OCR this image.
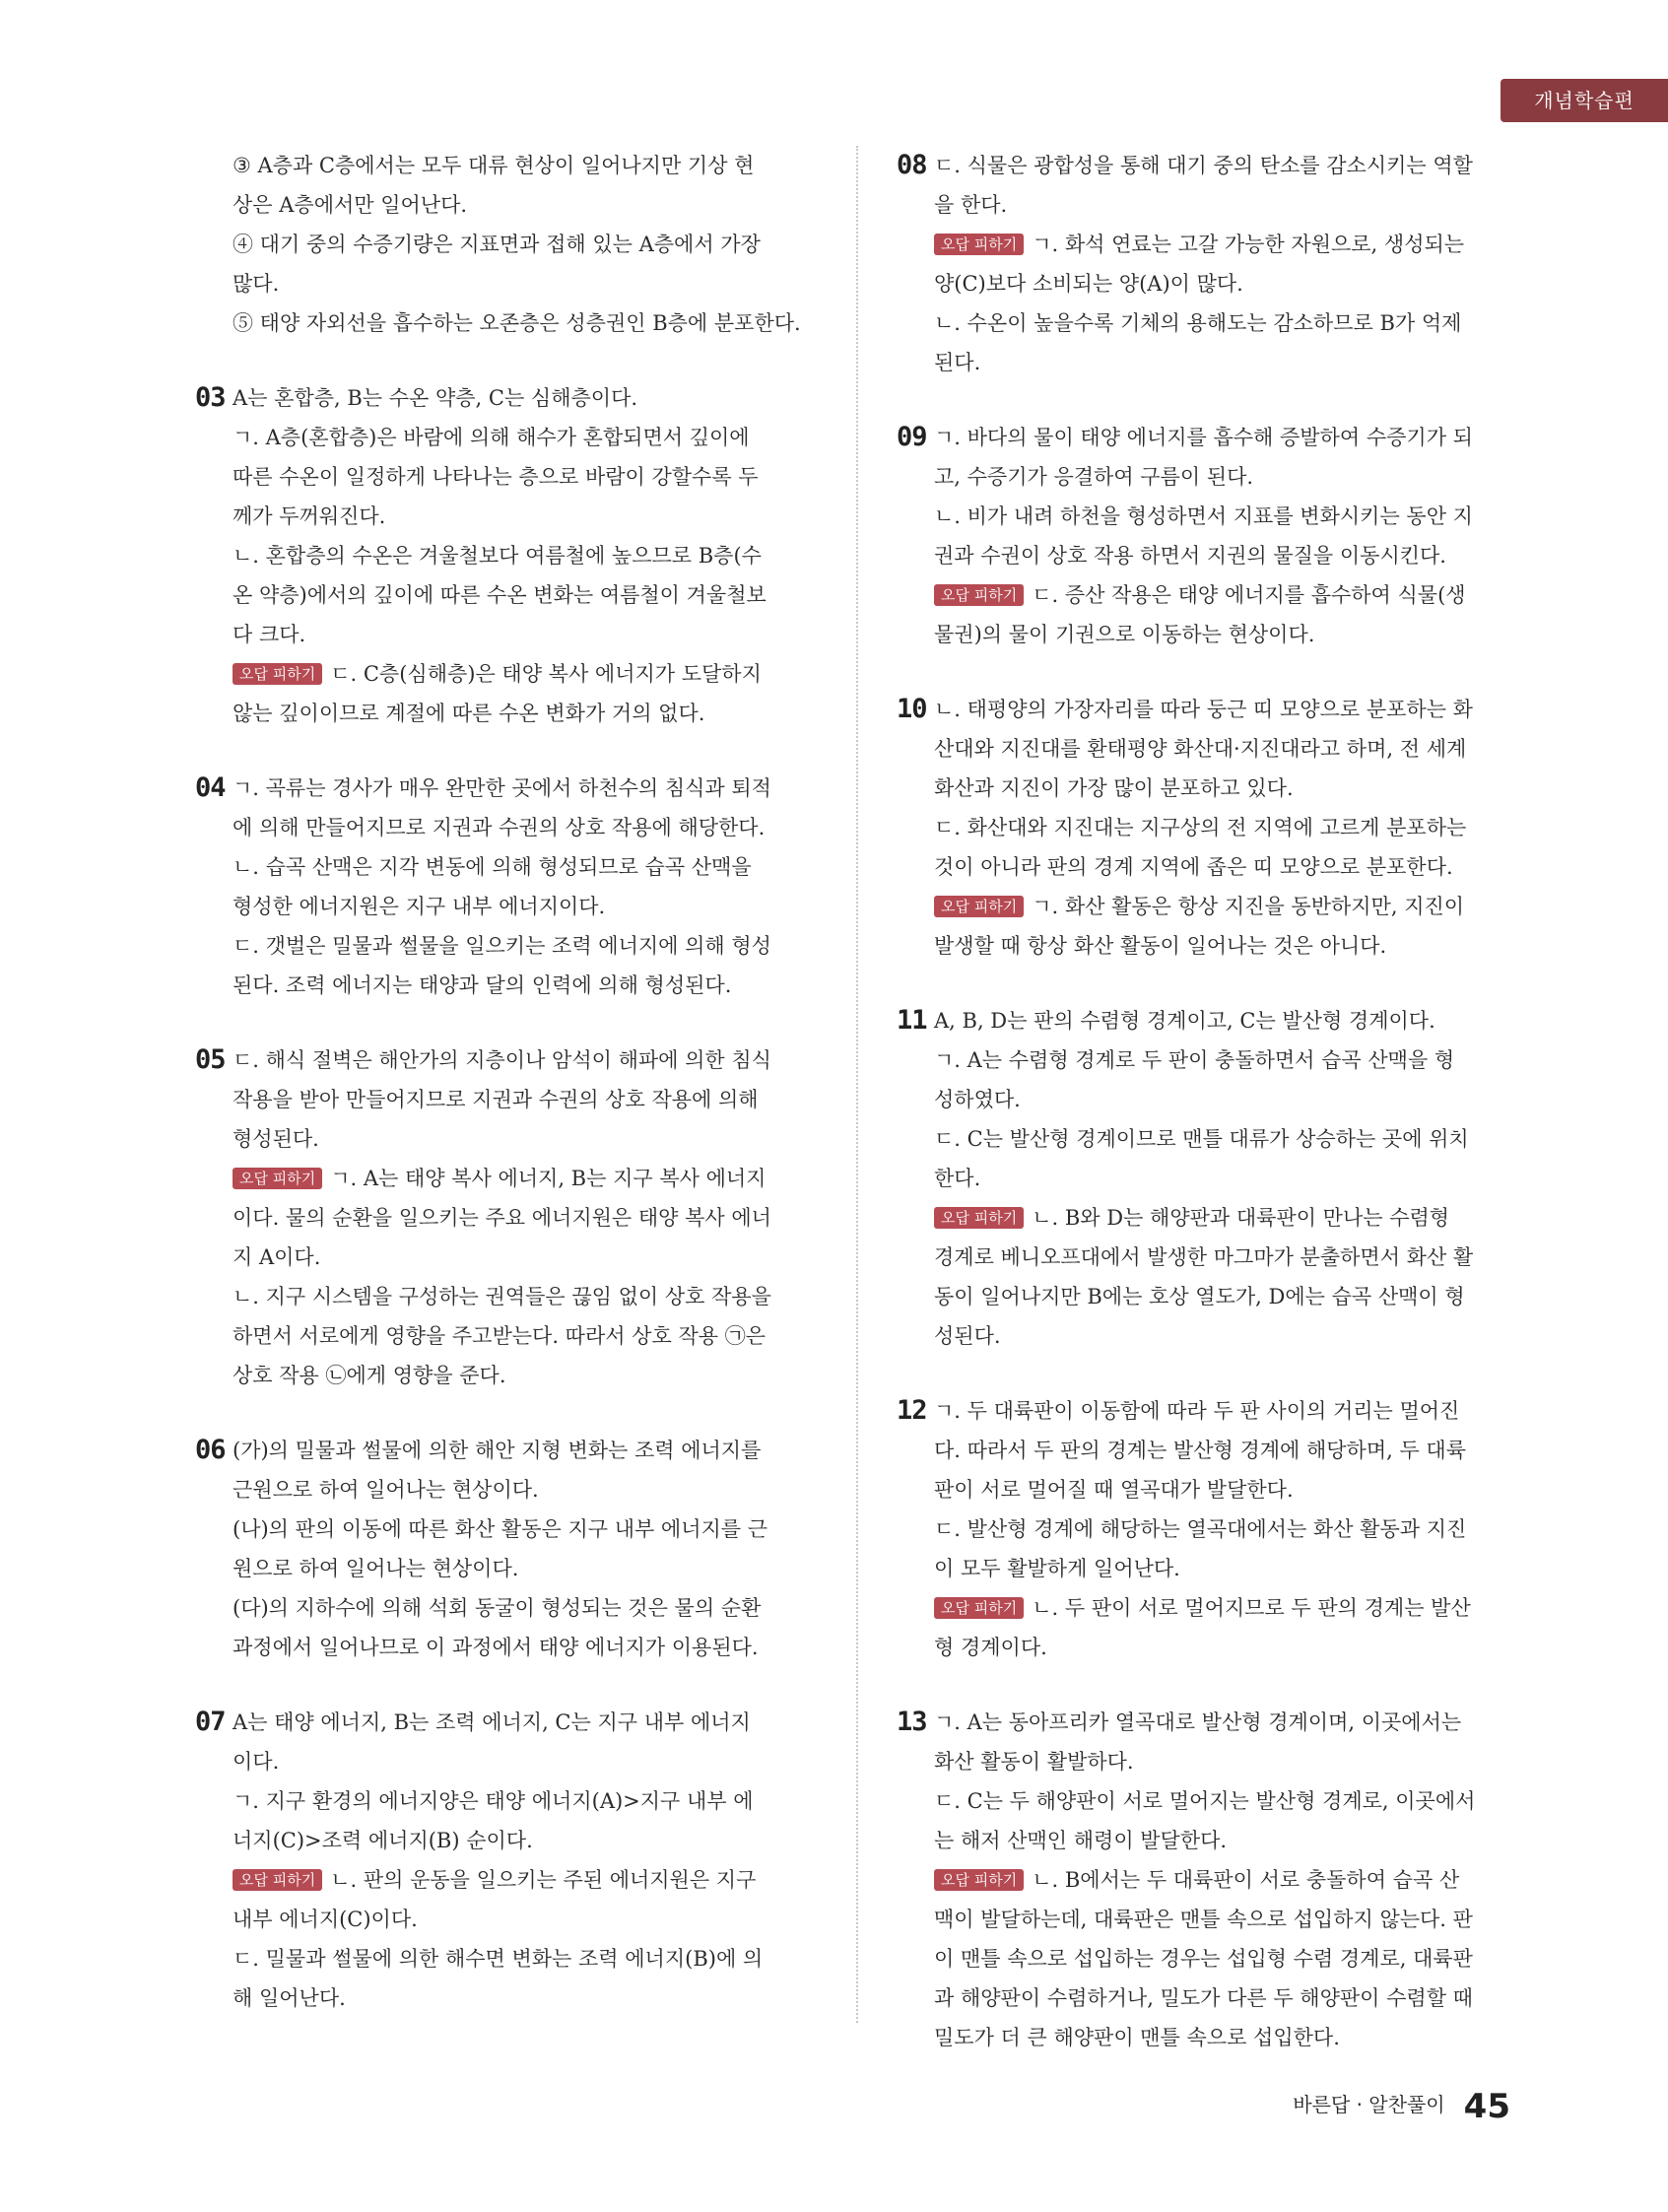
개념학습편

③ A층과 C층에서는 모두 대류 현상이 일어나지만 기상 현

상은 A층에서만 일어난다.

④ 대기 중의 수증기량은 지표면과 접해 있는 A층에서 가장

많다.

⑤ 태양 자외선을 흡수하는 오존층은 성층권인 B층에 분포한다.

03 A는 혼합층, B는 수온 약층, C는 심해층이다.

ㄱ. A층(혼합층)은 바람에 의해 해수가 혼합되면서 깊이에

따른 수온이 일정하게 나타나는 층으로 바람이 강할수록 두

께가 두꺼워진다.

ㄴ. 혼합층의 수온은 겨울철보다 여름철에 높으므로 B층(수

온 약층)에서의 깊이에 따른 수온 변화는 여름철이 겨울철보

다 크다.

오답 피하기 ㄷ. C층(심해층)은 태양 복사 에너지가 도달하지

않는 깊이이므로 계절에 따른 수온 변화가 거의 없다.

04 ㄱ. 곡류는 경사가 매우 완만한 곳에서 하천수의 침식과 퇴적

에 의해 만들어지므로 지권과 수권의 상호 작용에 해당한다.

ㄴ. 습곡 산맥은 지각 변동에 의해 형성되므로 습곡 산맥을

형성한 에너지원은 지구 내부 에너지이다.

ㄷ. 갯벌은 밀물과 썰물을 일으키는 조력 에너지에 의해 형성

된다. 조력 에너지는 태양과 달의 인력에 의해 형성된다.

05 ㄷ. 해식 절벽은 해안가의 지층이나 암석이 해파에 의한 침식

작용을 받아 만들어지므로 지권과 수권의 상호 작용에 의해

형성된다.

오답 피하기 ㄱ. A는 태양 복사 에너지, B는 지구 복사 에너지

이다. 물의 순환을 일으키는 주요 에너지원은 태양 복사 에너

지 A이다.

ㄴ. 지구 시스템을 구성하는 권역들은 끊임 없이 상호 작용을

하면서 서로에게 영향을 주고받는다. 따라서 상호 작용 ㉠은

상호 작용 ㉡에게 영향을 준다.

06 (가)의 밀물과 썰물에 의한 해안 지형 변화는 조력 에너지를

근원으로 하여 일어나는 현상이다.

(나)의 판의 이동에 따른 화산 활동은 지구 내부 에너지를 근

원으로 하여 일어나는 현상이다.

(다)의 지하수에 의해 석회 동굴이 형성되는 것은 물의 순환

과정에서 일어나므로 이 과정에서 태양 에너지가 이용된다.

07 A는 태양 에너지, B는 조력 에너지, C는 지구 내부 에너지

이다.

ㄱ. 지구 환경의 에너지양은 태양 에너지(A)>지구 내부 에

너지(C)>조력 에너지(B) 순이다.

오답 피하기 ㄴ. 판의 운동을 일으키는 주된 에너지원은 지구

내부 에너지(C)이다.

ㄷ. 밀물과 썰물에 의한 해수면 변화는 조력 에너지(B)에 의

해 일어난다.

08 ㄷ. 식물은 광합성을 통해 대기 중의 탄소를 감소시키는 역할

을 한다.

오답 피하기 ㄱ. 화석 연료는 고갈 가능한 자원으로, 생성되는

양(C)보다 소비되는 양(A)이 많다.

ㄴ. 수온이 높을수록 기체의 용해도는 감소하므로 B가 억제

된다.

09 ㄱ. 바다의 물이 태양 에너지를 흡수해 증발하여 수증기가 되

고, 수증기가 응결하여 구름이 된다.

ㄴ. 비가 내려 하천을 형성하면서 지표를 변화시키는 동안 지

권과 수권이 상호 작용 하면서 지권의 물질을 이동시킨다.

오답 피하기 ㄷ. 증산 작용은 태양 에너지를 흡수하여 식물(생

물권)의 물이 기권으로 이동하는 현상이다.

10 ㄴ. 태평양의 가장자리를 따라 둥근 띠 모양으로 분포하는 화

산대와 지진대를 환태평양 화산대·지진대라고 하며, 전 세계

화산과 지진이 가장 많이 분포하고 있다.

ㄷ. 화산대와 지진대는 지구상의 전 지역에 고르게 분포하는

것이 아니라 판의 경계 지역에 좁은 띠 모양으로 분포한다.

오답 피하기 ㄱ. 화산 활동은 항상 지진을 동반하지만, 지진이

발생할 때 항상 화산 활동이 일어나는 것은 아니다.

11 A, B, D는 판의 수렴형 경계이고, C는 발산형 경계이다.

ㄱ. A는 수렴형 경계로 두 판이 충돌하면서 습곡 산맥을 형

성하였다.

ㄷ. C는 발산형 경계이므로 맨틀 대류가 상승하는 곳에 위치

한다.

오답 피하기 ㄴ. B와 D는 해양판과 대륙판이 만나는 수렴형

경계로 베니오프대에서 발생한 마그마가 분출하면서 화산 활

동이 일어나지만 B에는 호상 열도가, D에는 습곡 산맥이 형

성된다.

12 ㄱ. 두 대륙판이 이동함에 따라 두 판 사이의 거리는 멀어진

다. 따라서 두 판의 경계는 발산형 경계에 해당하며, 두 대륙

판이 서로 멀어질 때 열곡대가 발달한다.

ㄷ. 발산형 경계에 해당하는 열곡대에서는 화산 활동과 지진

이 모두 활발하게 일어난다.

오답 피하기 ㄴ. 두 판이 서로 멀어지므로 두 판의 경계는 발산

형 경계이다.

13 ㄱ. A는 동아프리카 열곡대로 발산형 경계이며, 이곳에서는

화산 활동이 활발하다.

ㄷ. C는 두 해양판이 서로 멀어지는 발산형 경계로, 이곳에서

는 해저 산맥인 해령이 발달한다.

오답 피하기 ㄴ. B에서는 두 대륙판이 서로 충돌하여 습곡 산

맥이 발달하는데, 대륙판은 맨틀 속으로 섭입하지 않는다. 판

이 맨틀 속으로 섭입하는 경우는 섭입형 수렴 경계로, 대륙판

과 해양판이 수렴하거나, 밀도가 다른 두 해양판이 수렴할 때

밀도가 더 큰 해양판이 맨틀 속으로 섭입한다.

바른답 · 알찬풀이 45
